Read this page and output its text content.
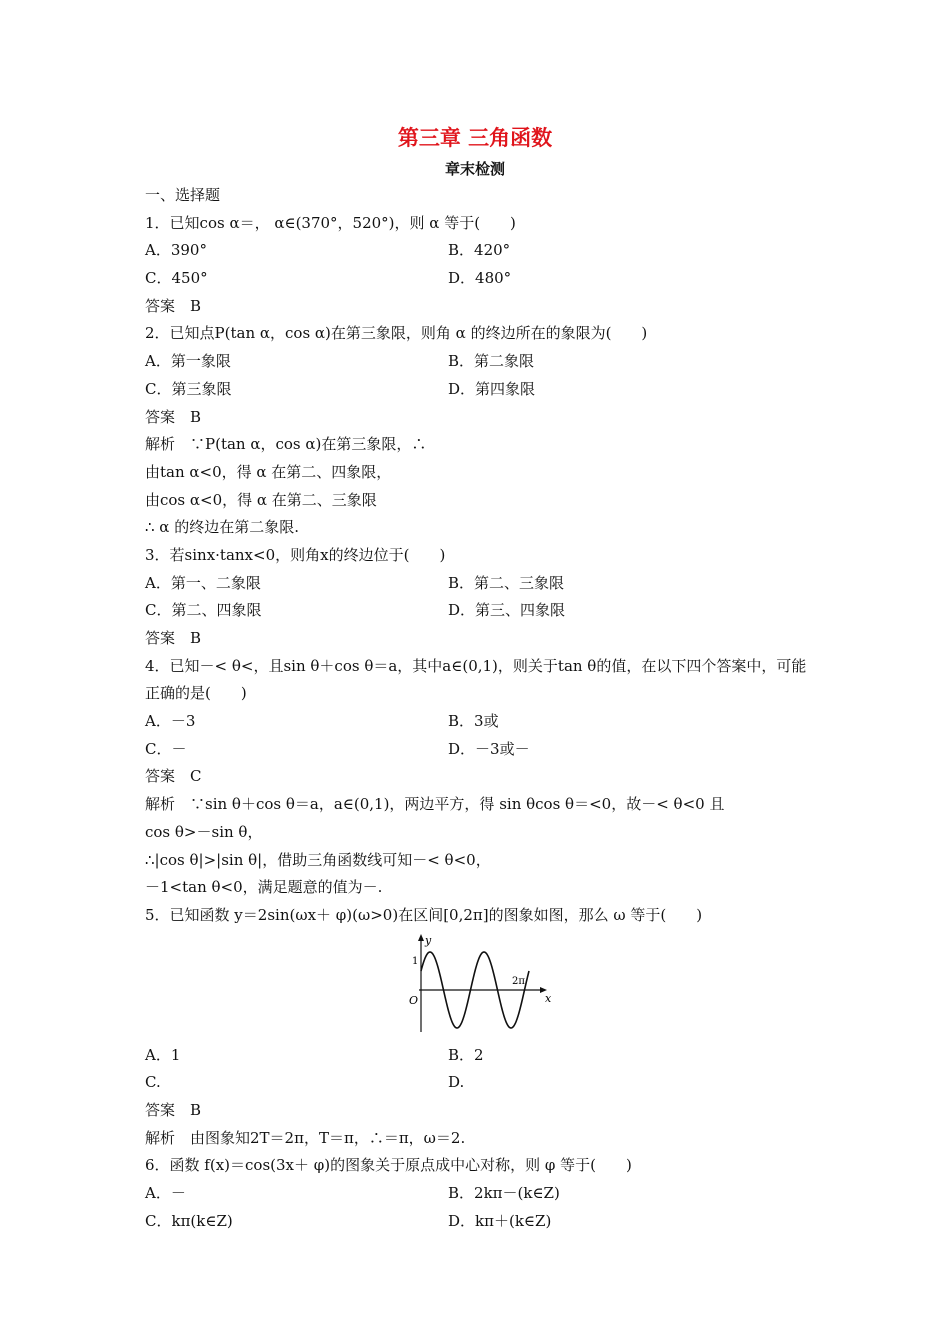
第三章 三角函数
章末检测
一、选择题
1．已知cos α＝， α∈(370°，520°)，则 α 等于(　　)
A．390°	B．420°
C．450°	D．480°
答案　B
2．已知点P(tan α，cos α)在第三象限，则角 α 的终边所在的象限为(　　)
A．第一象限	B．第二象限
C．第三象限	D．第四象限
答案　B
解析　∵P(tan α，cos α)在第三象限，∴
由tan α<0，得 α 在第二、四象限，
由cos α<0，得 α 在第二、三象限
∴ α 的终边在第二象限.
3．若sinx·tanx<0，则角x的终边位于(　　)
A．第一、二象限	B．第二、三象限
C．第二、四象限	D．第三、四象限
答案　B
4．已知－< θ<，且sin θ＋cos θ＝a，其中a∈(0,1)，则关于tan θ的值，在以下四个答案中，可能正确的是(　　)
A．－3	B．3或
C．－	D．－3或－
答案　C
解析　∵sin θ＋cos θ＝a，a∈(0,1)，两边平方，得 sin θcos θ＝<0，故－< θ<0 且
cos θ>－sin θ，
∴|cos θ|>|sin θ|，借助三角函数线可知－< θ<0，
－1<tan θ<0，满足题意的值为－.
5．已知函数 y＝2sin(ωx＋ φ)(ω>0)在区间[0,2π]的图象如图，那么 ω 等于(　　)
y
x
O
1
2π
A．1	B．2
C.	D.
答案　B
解析　由图象知2T＝2π，T＝π，∴＝π，ω＝2.
6．函数 f(x)＝cos(3x＋ φ)的图象关于原点成中心对称，则 φ 等于(　　)
A．－	B．2kπ－(k∈Z)
C．kπ(k∈Z)	D．kπ＋(k∈Z)
